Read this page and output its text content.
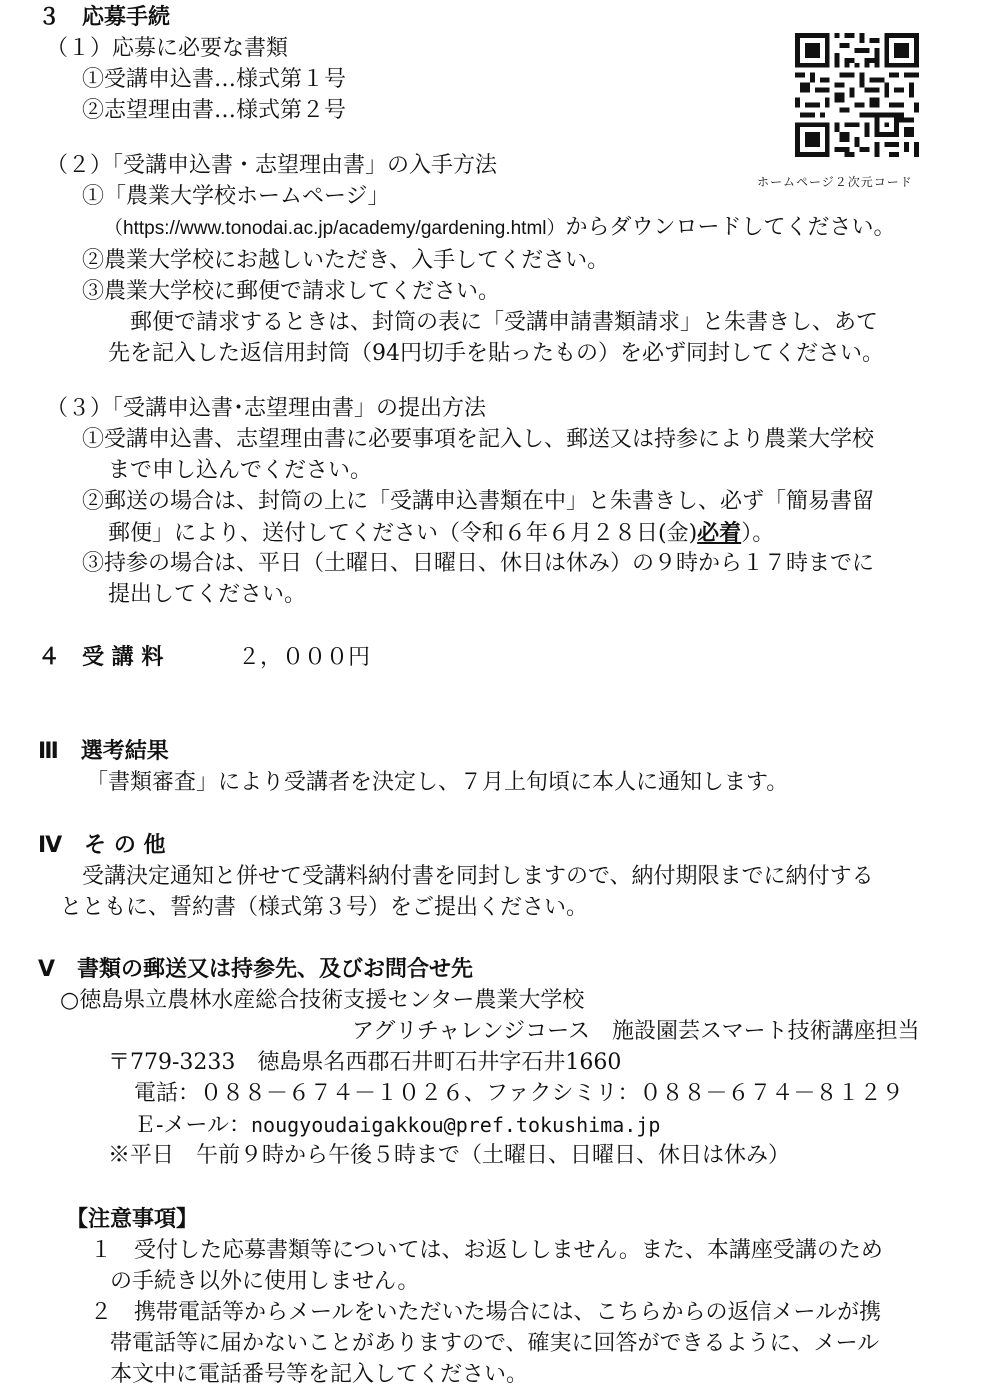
３　応募手続
（１）応募に必要な書類
①受講申込書…様式第１号
②志望理由書…様式第２号
ホームページ２次元コード
（２）「受講申込書・志望理由書」の入手方法
①「農業大学校ホームページ」
（https://www.tonodai.ac.jp/academy/gardening.html）からダウンロードしてください。
②農業大学校にお越しいただき、入手してください。
③農業大学校に郵便で請求してください。
郵便で請求するときは、封筒の表に「受講申請書類請求」と朱書きし、あて
先を記入した返信用封筒（94円切手を貼ったもの）を必ず同封してください。
（３）「受講申込書･志望理由書」の提出方法
①受講申込書、志望理由書に必要事項を記入し、郵送又は持参により農業大学校
まで申し込んでください。
②郵送の場合は、封筒の上に「受講申込書類在中」と朱書きし、必ず「簡易書留
郵便」により、送付してください（令和６年６月２８日(金)必着）。
③持参の場合は、平日（土曜日、日曜日、休日は休み）の９時から１７時までに
提出してください。
４　受 講 料	２，０００円
Ⅲ　選考結果
「書類審査」により受講者を決定し、７月上旬頃に本人に通知します。
Ⅳ　そ の 他
受講決定通知と併せて受講料納付書を同封しますので、納付期限までに納付する
とともに、誓約書（様式第３号）をご提出ください。
Ⅴ　書類の郵送又は持参先、及びお問合せ先
○徳島県立農林水産総合技術支援センター農業大学校
アグリチャレンジコース　施設園芸スマート技術講座担当
〒779-3233　徳島県名西郡石井町石井字石井1660
電話：０８８－６７４－１０２６、ファクシミリ：０８８－６７４－８１２９
Ｅ-メール：nougyoudaigakkou@pref.tokushima.jp
※平日　午前９時から午後５時まで（土曜日、日曜日、休日は休み）
【注意事項】
１　受付した応募書類等については、お返ししません。また、本講座受講のため
の手続き以外に使用しません。
２　携帯電話等からメールをいただいた場合には、こちらからの返信メールが携
帯電話等に届かないことがありますので、確実に回答ができるように、メール
本文中に電話番号等を記入してください。
